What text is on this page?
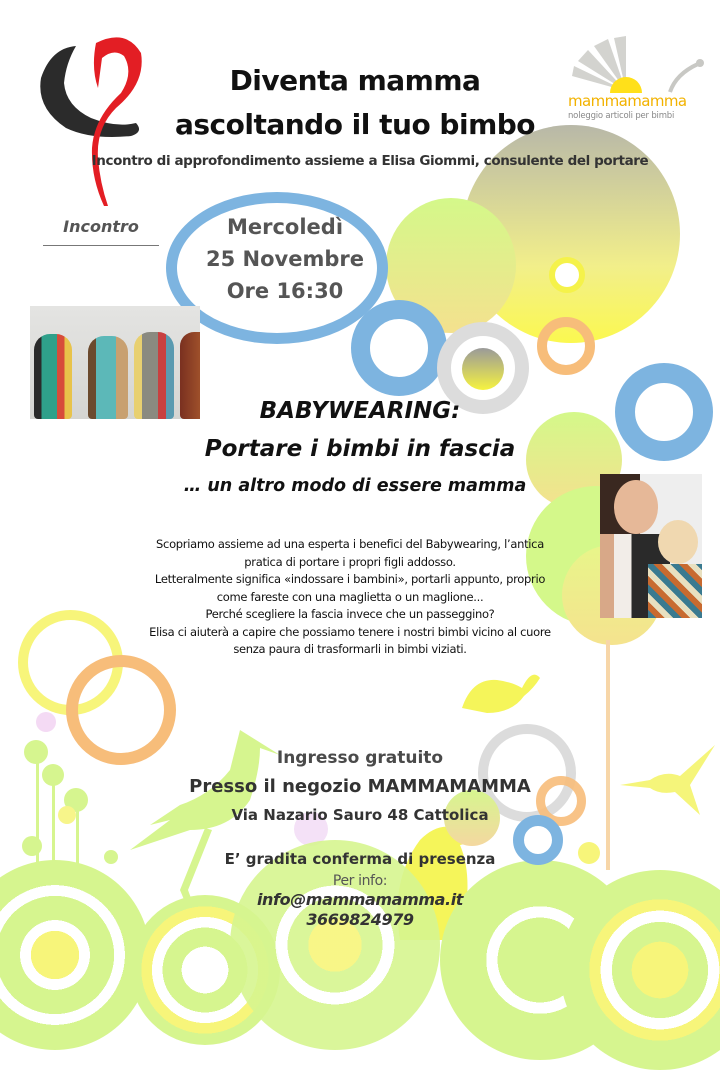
mammamamma
noleggio articoli per bimbi
Diventa mamma
ascoltando il tuo bimbo
Incontro di approfondimento assieme a Elisa Giommi, consulente del portare
Incontro	Mercoledì
25 Novembre
Ore 16:30
BABYWEARING:
Portare i bimbi in fascia
… un altro modo di essere mamma
Scopriamo assieme ad una esperta i benefici del Babywearing, l’antica
pratica di portare i propri figli addosso.
Letteralmente significa «indossare i bambini», portarli appunto, proprio
come fareste con una maglietta o un maglione...
Perché scegliere la fascia invece che un passeggino?
Elisa ci aiuterà a capire che possiamo tenere i nostri bimbi vicino al cuore
senza paura di trasformarli in bimbi viziati.
Ingresso gratuito
Presso il negozio MAMMAMAMMA
Via Nazario Sauro 48 Cattolica
E’ gradita conferma di presenza
Per info:
info@mammamamma.it
3669824979
